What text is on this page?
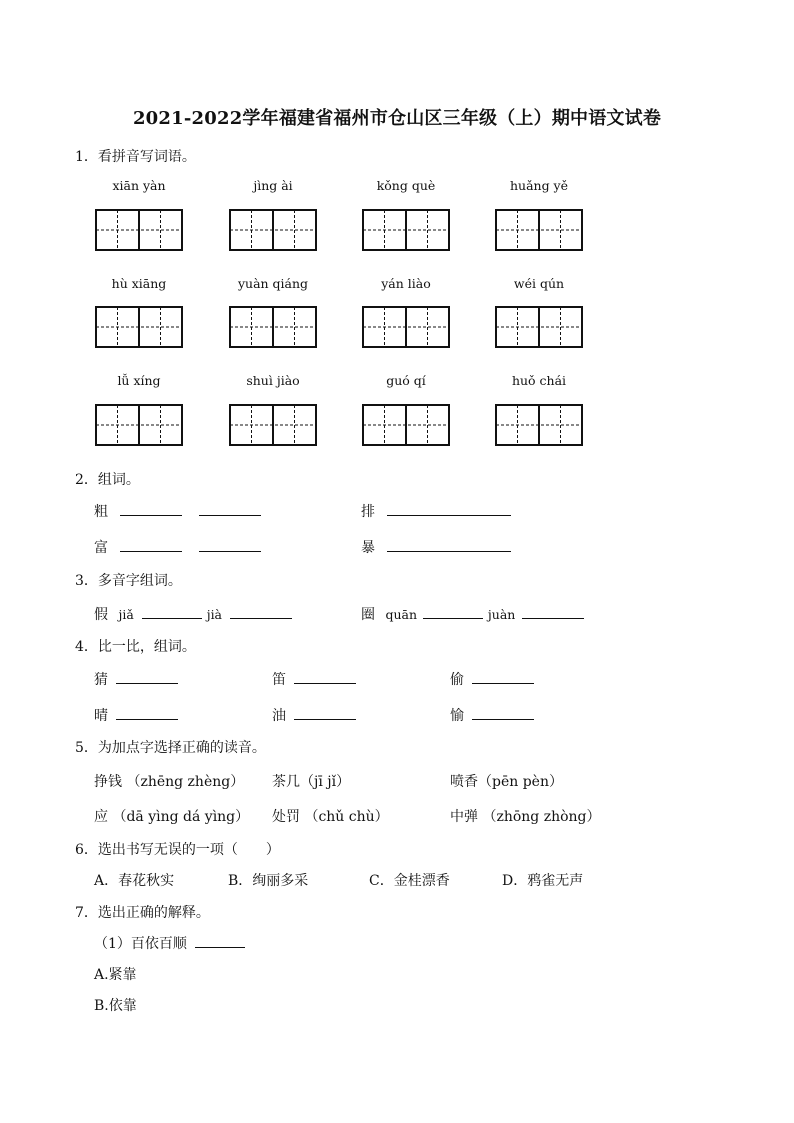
2021-2022学年福建省福州市仓山区三年级（上）期中语文试卷
1．看拼音写词语。
xiān yàn	jìng ài	kǒng què	huǎng yě
hù xiāng	yuàn qiáng	yán liào	wéi qún
lǚ xíng	shuì jiào	guó qí	huǒ chái
2．组词。
粗	排
富	暴
3．多音字组词。
假 jiǎ	jià	圈 quān	juàn
4．比一比，组词。
猜	笛	偷
晴	油	愉
5．为加点字选择正确的读音。
挣钱 （zhēng zhèng） 茶几（jī jǐ）	喷香（pēn pèn）
应 （dā yìng dá yìng） 处罚 （chǔ chù）	中弹 （zhōng zhòng）
6．选出书写无误的一项（　　）
A．春花秋实	B．绚丽多采	C．金桂漂香	D．鸦雀无声
7．选出正确的解释。
（1）百依百顺
A.紧靠
B.依靠
